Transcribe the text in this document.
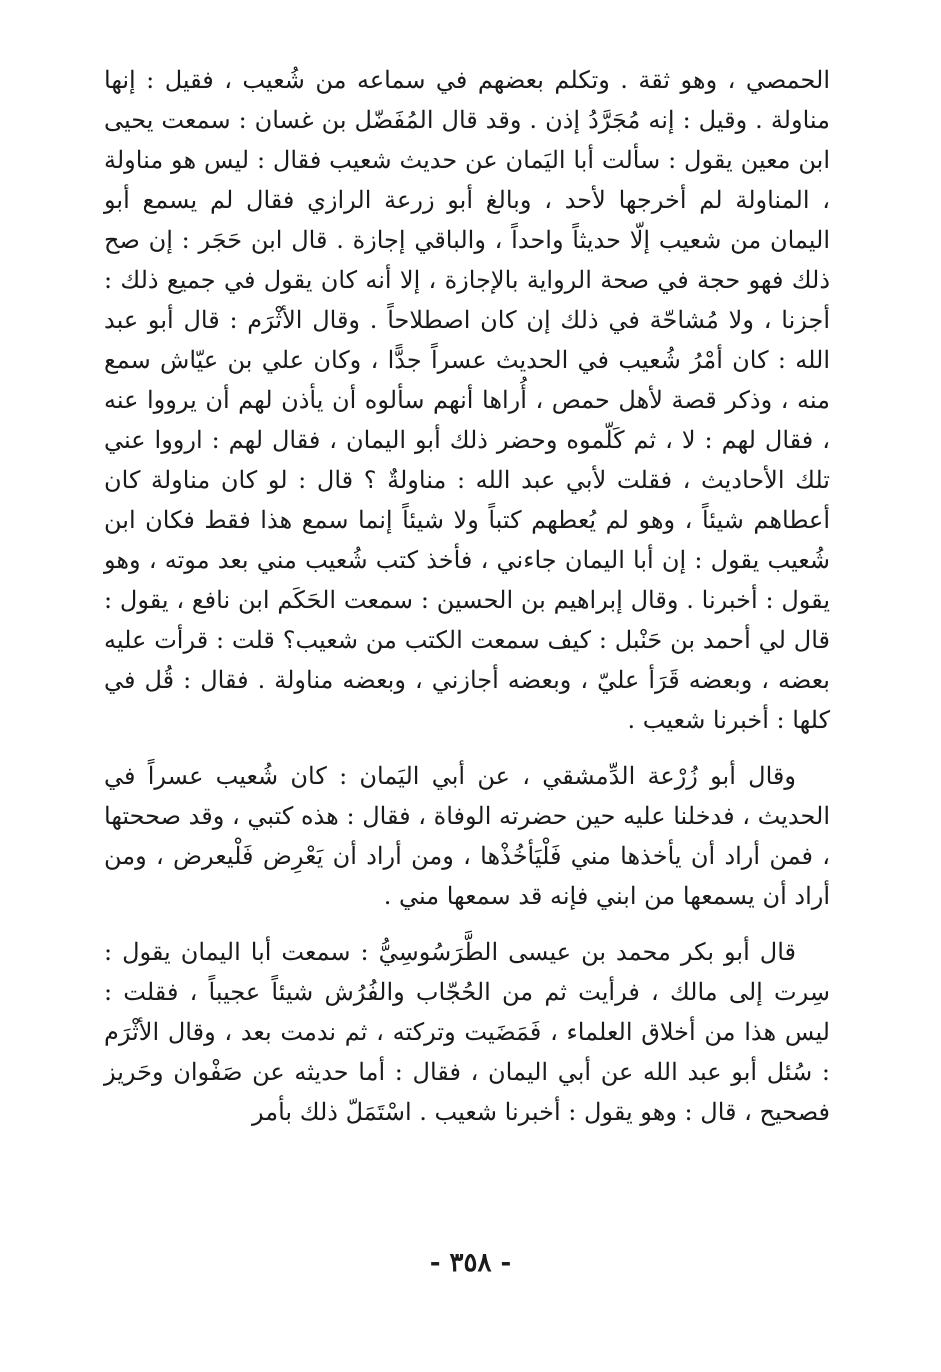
الحمصي ، وهو ثقة . وتكلم بعضهم في سماعه من شُعيب ، فقيل : إنها مناولة . وقيل : إنه مُجَرَّدُ إذن . وقد قال المُفَضّل بن غسان : سمعت يحيى ابن معين يقول : سألت أبا اليَمان عن حديث شعيب فقال : ليس هو مناولة ، المناولة لم أخرجها لأحد ، وبالغ أبو زرعة الرازي فقال لم يسمع أبو اليمان من شعيب إلّا حديثاً واحداً ، والباقي إجازة . قال ابن حَجَر : إن صح ذلك فهو حجة في صحة الرواية بالإجازة ، إلا أنه كان يقول في جميع ذلك : أجزنا ، ولا مُشاحّة في ذلك إن كان اصطلاحاً . وقال الأثْرَم : قال أبو عبد الله : كان أمْرُ شُعيب في الحديث عسراً جدًّا ، وكان علي بن عيّاش سمع منه ، وذكر قصة لأهل حمص ، أُراها أنهم سألوه أن يأذن لهم أن يرووا عنه ، فقال لهم : لا ، ثم كَلّموه وحضر ذلك أبو اليمان ، فقال لهم : ارووا عني تلك الأحاديث ، فقلت لأبي عبد الله : مناولةٌ ؟ قال : لو كان مناولة كان أعطاهم شيئاً ، وهو لم يُعطهم كتباً ولا شيئاً إنما سمع هذا فقط فكان ابن شُعيب يقول : إن أبا اليمان جاءني ، فأخذ كتب شُعيب مني بعد موته ، وهو يقول : أخبرنا . وقال إبراهيم بن الحسين : سمعت الحَكَم ابن نافع ، يقول : قال لي أحمد بن حَنْبل : كيف سمعت الكتب من شعيب؟ قلت : قرأت عليه بعضه ، وبعضه قَرَأ عليّ ، وبعضه أجازني ، وبعضه مناولة . فقال : قُل في كلها : أخبرنا شعيب .

وقال أبو زُرْعة الدِّمشقي ، عن أبي اليَمان : كان شُعيب عسراً في الحديث ، فدخلنا عليه حين حضرته الوفاة ، فقال : هذه كتبي ، وقد صححتها ، فمن أراد أن يأخذها مني فَلْيَأخُذْها ، ومن أراد أن يَعْرِض فَلْيعرض ، ومن أراد أن يسمعها من ابني فإنه قد سمعها مني .

قال أبو بكر محمد بن عيسى الطَّرَسُوسِيُّ : سمعت أبا اليمان يقول : سِرت إلى مالك ، فرأيت ثم من الحُجّاب والفُرُش شيئاً عجيباً ، فقلت : ليس هذا من أخلاق العلماء ، فَمَضَيت وتركته ، ثم ندمت بعد ، وقال الأثْرَم : سُئل أبو عبد الله عن أبي اليمان ، فقال : أما حديثه عن صَفْوان وحَريز فصحيح ، قال : وهو يقول : أخبرنا شعيب . اسْتَمَلّ ذلك بأمر

- ٣٥٨ -
